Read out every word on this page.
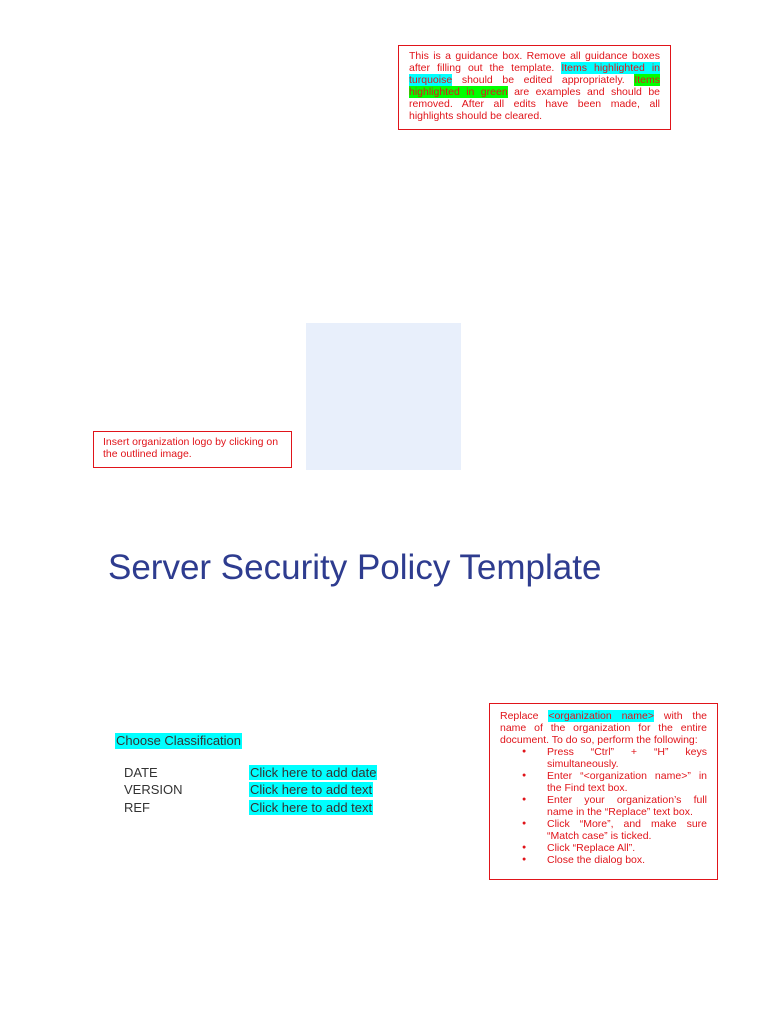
This is a guidance box. Remove all guidance boxes after filling out the template. Items highlighted in turquoise should be edited appropriately. Items highlighted in green are examples and should be removed. After all edits have been made, all highlights should be cleared.

Insert organization logo by clicking on the outlined image.

Server Security Policy Template
Choose Classification
DATE	Click here to add date
VERSION	Click here to add text
REF	Click here to add text

Replace <organization name> with the name of the organization for the entire document. To do so, perform the following:

● Press “Ctrl” + “H” keys simultaneously.
● Enter “<organization name>” in the Find text box.
● Enter your organization’s full name in the “Replace” text box.
● Click “More”, and make sure “Match case” is ticked.
● Click “Replace All”.
● Close the dialog box.
